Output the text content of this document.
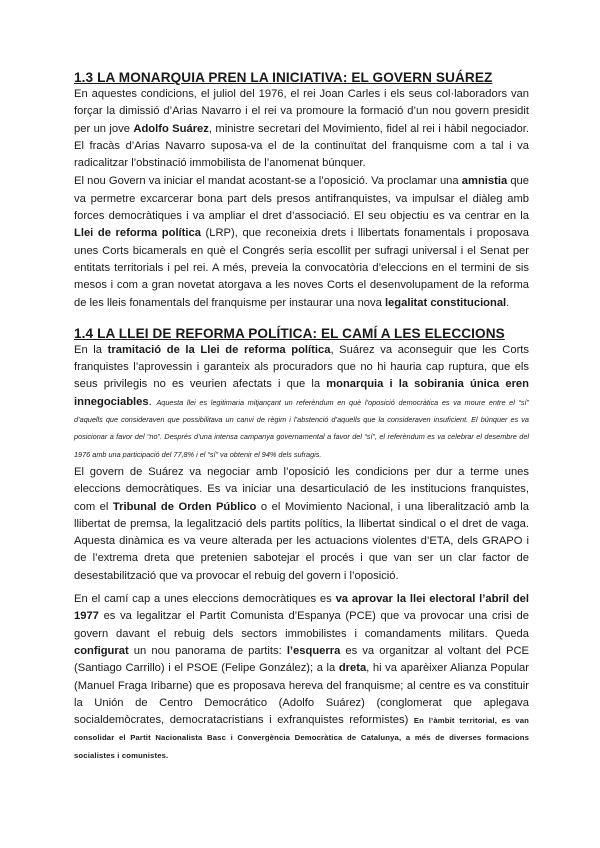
1.3 LA MONARQUIA PREN LA INICIATIVA: EL GOVERN SUÁREZ

En aquestes condicions, el juliol del 1976, el rei Joan Carles i els seus col·laboradors van forçar la dimissió d’Arias Navarro i el rei va promoure la formació d’un nou govern presidit per un jove Adolfo Suárez, ministre secretari del Movimiento, fidel al rei i hàbil negociador. El fracàs d’Arias Navarro suposa-va el de la continuïtat del franquisme com a tal i va radicalitzar l’obstinació immobilista de l’anomenat búnquer.

El nou Govern va iniciar el mandat acostant-se a l’oposició. Va proclamar una amnistia que va permetre excarcerar bona part dels presos antifranquistes, va impulsar el diàleg amb forces democràtiques i va ampliar el dret d’associació. El seu objectiu es va centrar en la Llei de reforma política (LRP), que reconeixia drets i llibertats fonamentals i proposava unes Corts bicamerals en què el Congrés seria escollit per sufragi universal i el Senat per entitats territorials i pel rei. A més, preveia la convocatòria d’eleccions en el termini de sis mesos i com a gran novetat atorgava a les noves Corts el desenvolupament de la reforma de les lleis fonamentals del franquisme per instaurar una nova legalitat constitucional.

1.4 LA LLEI DE REFORMA POLÍTICA: EL CAMÍ A LES ELECCIONS

En la tramitació de la Llei de reforma política, Suárez va aconseguir que les Corts franquistes l’aprovessin i garanteix als procuradors que no hi hauria cap ruptura, que els seus privilegis no es veurien afectats i que la monarquia i la sobirania única eren innegociables. Aquesta llei es legitimaria mitjançant un referèndum en què l’oposició democràtica es va moure entre el “sí” d’aquells que consideraven que possibilitava un canvi de règim i l’abstenció d’aquells que la consideraven insuficient. El búnquer es va posicionar a favor del “no”. Després d’una intensa campanya governamental a favor del “sí”, el referèndum es va celebrar el desembre del 1976 amb una participació del 77,8% i el “sí” va obtenir el 94% dels sufragis.

El govern de Suárez va negociar amb l’oposició les condicions per dur a terme unes eleccions democràtiques. Es va iniciar una desarticulació de les institucions franquistes, com el Tribunal de Orden Público o el Movimiento Nacional, i una liberalització amb la llibertat de premsa, la legalització dels partits polítics, la llibertat sindical o el dret de vaga. Aquesta dinàmica es va veure alterada per les actuacions violentes d’ETA, dels GRAPO i de l’extrema dreta que pretenien sabotejar el procés i que van ser un clar factor de desestabilització que va provocar el rebuig del govern i l’oposició.

En el camí cap a unes eleccions democràtiques es va aprovar la llei electoral l’abril del 1977 es va legalitzar el Partit Comunista d’Espanya (PCE) que va provocar una crisi de govern davant el rebuig dels sectors immobilistes i comandaments militars. Queda configurat un nou panorama de partits: l’esquerra es va organitzar al voltant del PCE (Santiago Carrillo) i el PSOE (Felipe González); a la dreta, hi va aparèixer Alianza Popular (Manuel Fraga Iribarne) que es proposava hereva del franquisme; al centre es va constituir la Unión de Centro Democrático (Adolfo Suárez) (conglomerat que aplegava socialdemòcrates, democratacristians i exfranquistes reformistes) En l’àmbit territorial, es van consolidar el Partit Nacionalista Basc i Convergència Democràtica de Catalunya, a més de diverses formacions socialistes i comunistes.
